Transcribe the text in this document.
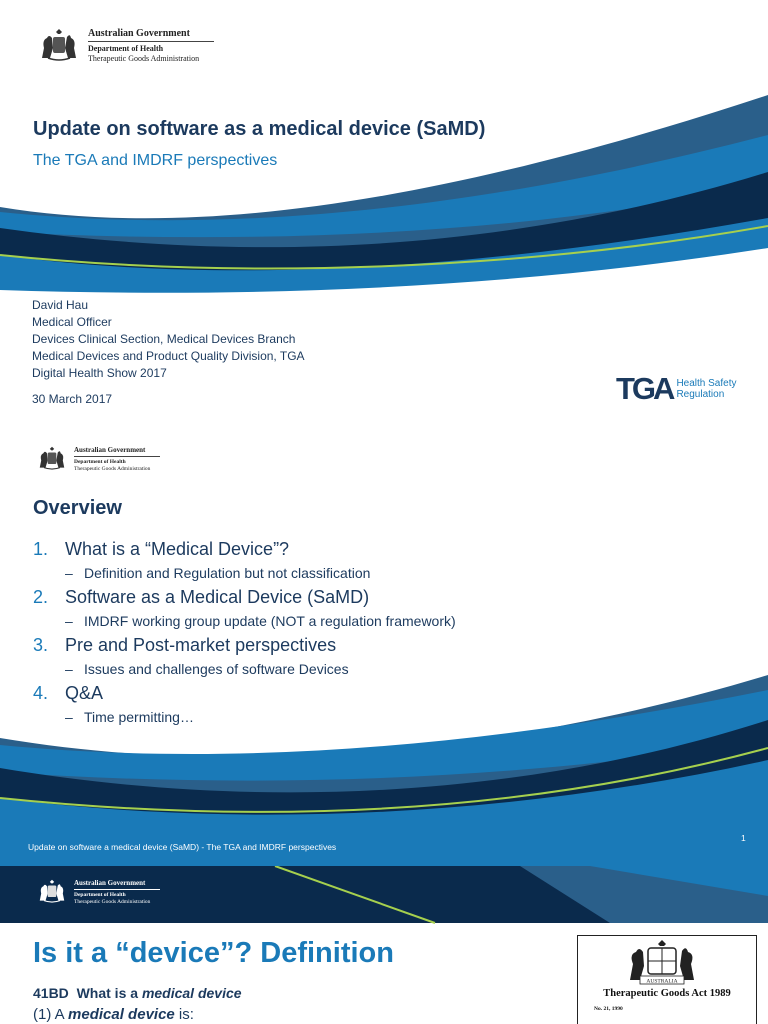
Australian Government
Department of Health
Therapeutic Goods Administration
Update on software as a medical device (SaMD)
The TGA and IMDRF perspectives
David Hau
Medical Officer
Devices Clinical Section, Medical Devices Branch
Medical Devices and Product Quality Division, TGA
Digital Health Show 2017
30 March 2017	TGA Health Safety Regulation
Australian Government
Department of Health
Therapeutic Goods Administration
Overview
1. What is a “Medical Device”?
– Definition and Regulation but not classification
2. Software as a Medical Device (SaMD)
– IMDRF working group update (NOT a regulation framework)
3. Pre and Post-market perspectives
– Issues and challenges of software Devices
4. Q&A
– Time permitting…
1
Update on software a medical device (SaMD) - The TGA and IMDRF perspectives
Australian Government
Department of Health
Therapeutic Goods Administration
Is it a “device”? Definition
41BD What is a medical device
(1) A medical device is:
AUSTRALIA
Therapeutic Goods Act 1989
No. 21, 1990
